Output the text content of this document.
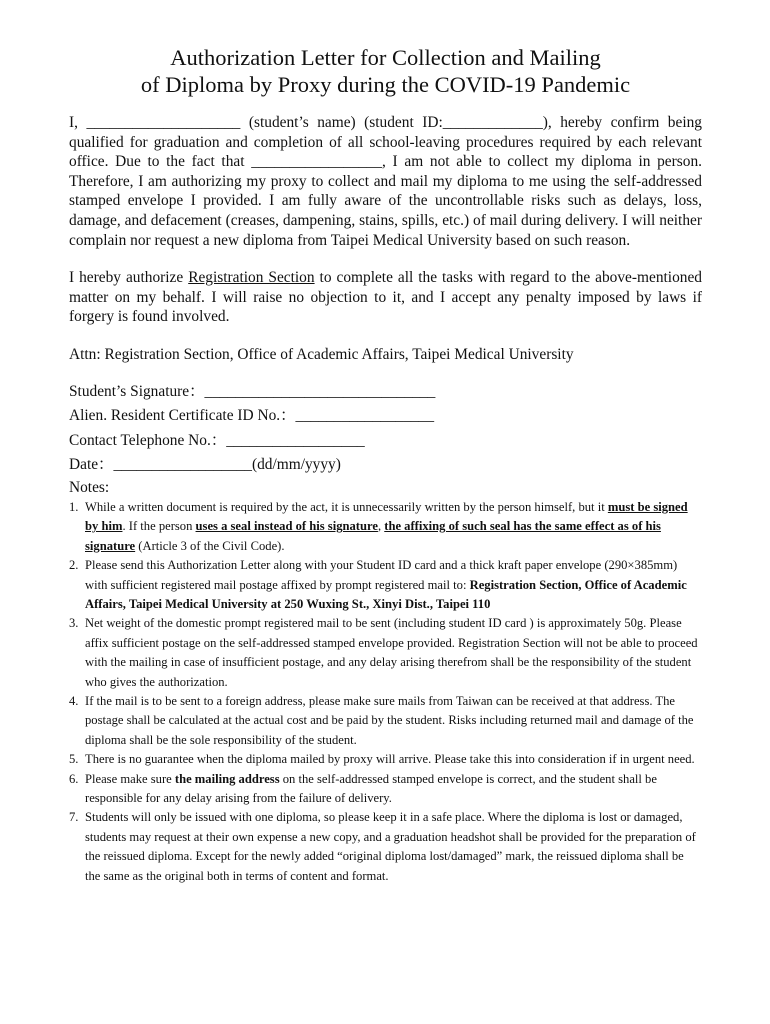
Authorization Letter for Collection and Mailing
of Diploma by Proxy during the COVID-19 Pandemic

I, ____________________ (student’s name) (student ID:_____________), hereby confirm being qualified for graduation and completion of all school-leaving procedures required by each relevant office. Due to the fact that _________________, I am not able to collect my diploma in person. Therefore, I am authorizing my proxy to collect and mail my diploma to me using the self-addressed stamped envelope I provided. I am fully aware of the uncontrollable risks such as delays, loss, damage, and defacement (creases, dampening, stains, spills, etc.) of mail during delivery. I will neither complain nor request a new diploma from Taipei Medical University based on such reason.

I hereby authorize Registration Section to complete all the tasks with regard to the above-mentioned matter on my behalf. I will raise no objection to it, and I accept any penalty imposed by laws if forgery is found involved.

Attn: Registration Section, Office of Academic Affairs, Taipei Medical University
Student’s Signature：______________________________
Alien. Resident Certificate ID No.：__________________
Contact Telephone No.：__________________
Date：__________________(dd/mm/yyyy)
Notes:
1. While a written document is required by the act, it is unnecessarily written by the person himself, but it must be signed by him. If the person uses a seal instead of his signature, the affixing of such seal has the same effect as of his signature (Article 3 of the Civil Code).
2. Please send this Authorization Letter along with your Student ID card and a thick kraft paper envelope (290×385mm) with sufficient registered mail postage affixed by prompt registered mail to: Registration Section, Office of Academic Affairs, Taipei Medical University at 250 Wuxing St., Xinyi Dist., Taipei 110
3. Net weight of the domestic prompt registered mail to be sent (including student ID card ) is approximately 50g. Please affix sufficient postage on the self-addressed stamped envelope provided. Registration Section will not be able to proceed with the mailing in case of insufficient postage, and any delay arising therefrom shall be the responsibility of the student who gives the authorization.
4. If the mail is to be sent to a foreign address, please make sure mails from Taiwan can be received at that address. The postage shall be calculated at the actual cost and be paid by the student. Risks including returned mail and damage of the diploma shall be the sole responsibility of the student.
5. There is no guarantee when the diploma mailed by proxy will arrive. Please take this into consideration if in urgent need.
6. Please make sure the mailing address on the self-addressed stamped envelope is correct, and the student shall be responsible for any delay arising from the failure of delivery.
7. Students will only be issued with one diploma, so please keep it in a safe place. Where the diploma is lost or damaged, students may request at their own expense a new copy, and a graduation headshot shall be provided for the preparation of the reissued diploma. Except for the newly added “original diploma lost/damaged” mark, the reissued diploma shall be the same as the original both in terms of content and format.
